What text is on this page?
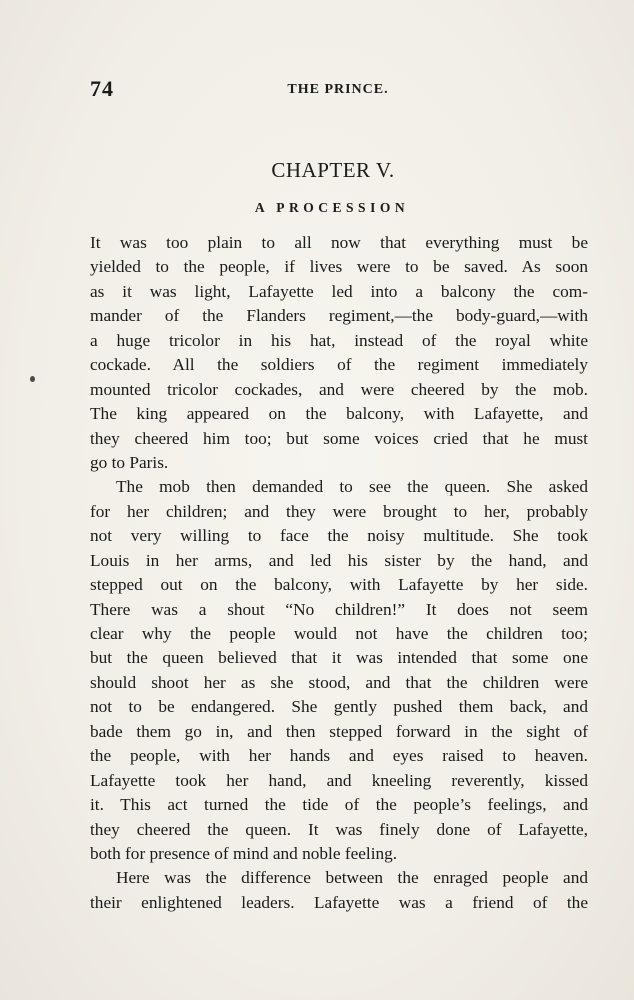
74	THE PRINCE.
CHAPTER V.
A PROCESSION
It was too plain to all now that everything must be
yielded to the people, if lives were to be saved. As soon
as it was light, Lafayette led into a balcony the com-
mander of the Flanders regiment,—the body-guard,—with
a huge tricolor in his hat, instead of the royal white
cockade. All the soldiers of the regiment immediately
mounted tricolor cockades, and were cheered by the mob.
The king appeared on the balcony, with Lafayette, and
they cheered him too; but some voices cried that he must
go to Paris.
The mob then demanded to see the queen. She asked
for her children; and they were brought to her, probably
not very willing to face the noisy multitude. She took
Louis in her arms, and led his sister by the hand, and
stepped out on the balcony, with Lafayette by her side.
There was a shout “No children!” It does not seem
clear why the people would not have the children too;
but the queen believed that it was intended that some one
should shoot her as she stood, and that the children were
not to be endangered. She gently pushed them back, and
bade them go in, and then stepped forward in the sight of
the people, with her hands and eyes raised to heaven.
Lafayette took her hand, and kneeling reverently, kissed
it. This act turned the tide of the people’s feelings, and
they cheered the queen. It was finely done of Lafayette,
both for presence of mind and noble feeling.
Here was the difference between the enraged people and
their enlightened leaders. Lafayette was a friend of the
